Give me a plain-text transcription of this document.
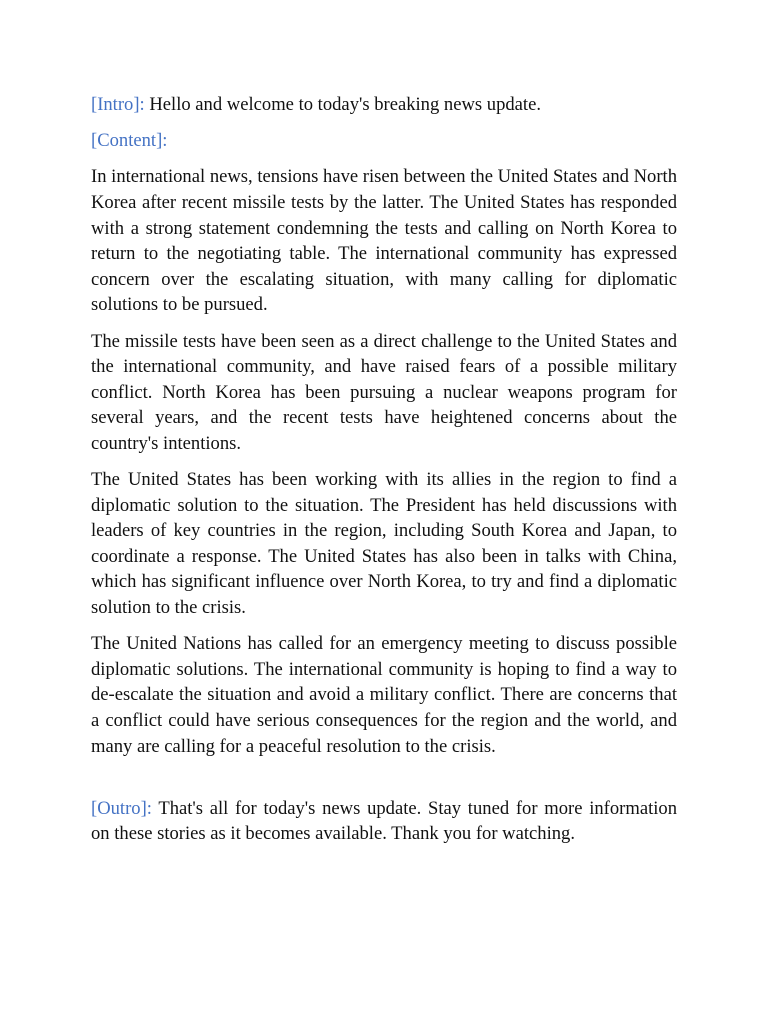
[Intro]: Hello and welcome to today's breaking news update.

[Content]:

In international news, tensions have risen between the United States and North Korea after recent missile tests by the latter. The United States has responded with a strong statement condemning the tests and calling on North Korea to return to the negotiating table. The international community has expressed concern over the escalating situation, with many calling for diplomatic solutions to be pursued.

The missile tests have been seen as a direct challenge to the United States and the international community, and have raised fears of a possible military conflict. North Korea has been pursuing a nuclear weapons program for several years, and the recent tests have heightened concerns about the country's intentions.

The United States has been working with its allies in the region to find a diplomatic solution to the situation. The President has held discussions with leaders of key countries in the region, including South Korea and Japan, to coordinate a response. The United States has also been in talks with China, which has significant influence over North Korea, to try and find a diplomatic solution to the crisis.

The United Nations has called for an emergency meeting to discuss possible diplomatic solutions. The international community is hoping to find a way to de-escalate the situation and avoid a military conflict. There are concerns that a conflict could have serious consequences for the region and the world, and many are calling for a peaceful resolution to the crisis.

[Outro]: That's all for today's news update. Stay tuned for more information on these stories as it becomes available. Thank you for watching.
